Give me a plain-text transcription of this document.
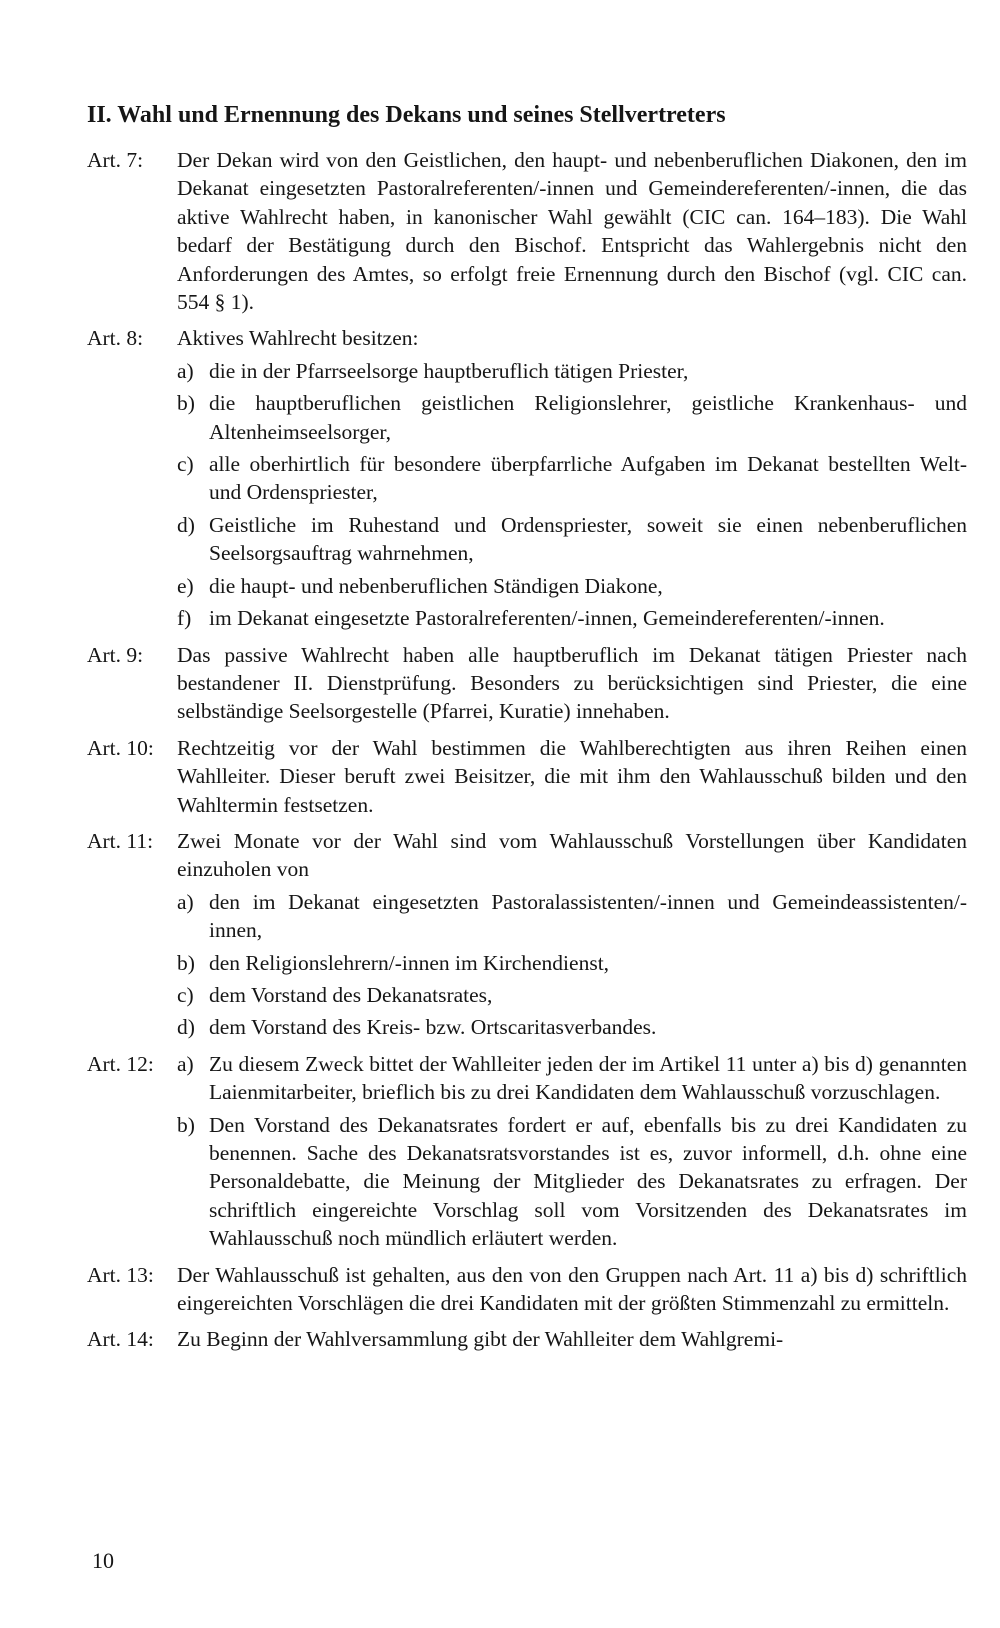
II. Wahl und Ernennung des Dekans und seines Stellvertreters
Art. 7:	Der Dekan wird von den Geistlichen, den haupt- und nebenberuflichen Diakonen, den im Dekanat eingesetzten Pastoralreferenten/-innen und Gemeindereferenten/-innen, die das aktive Wahlrecht haben, in kanonischer Wahl gewählt (CIC can. 164–183). Die Wahl bedarf der Bestätigung durch den Bischof. Entspricht das Wahlergebnis nicht den Anforderungen des Amtes, so erfolgt freie Ernennung durch den Bischof (vgl. CIC can. 554 § 1).

Art. 8:	Aktives Wahlrecht besitzen:

a) die in der Pfarrseelsorge hauptberuflich tätigen Priester,
b) die hauptberuflichen geistlichen Religionslehrer, geistliche Krankenhaus- und Altenheimseelsorger,
c) alle oberhirtlich für besondere überpfarrliche Aufgaben im Dekanat bestellten Welt- und Ordenspriester,
d) Geistliche im Ruhestand und Ordenspriester, soweit sie einen nebenberuflichen Seelsorgsauftrag wahrnehmen,
e) die haupt- und nebenberuflichen Ständigen Diakone,
f) im Dekanat eingesetzte Pastoralreferenten/-innen, Gemeindereferenten/-innen.
Art. 9:	Das passive Wahlrecht haben alle hauptberuflich im Dekanat tätigen Priester nach bestandener II. Dienstprüfung. Besonders zu berücksichtigen sind Priester, die eine selbständige Seelsorgestelle (Pfarrei, Kuratie) innehaben.

Art. 10:	Rechtzeitig vor der Wahl bestimmen die Wahlberechtigten aus ihren Reihen einen Wahlleiter. Dieser beruft zwei Beisitzer, die mit ihm den Wahlausschuß bilden und den Wahltermin festsetzen.

Art. 11:	Zwei Monate vor der Wahl sind vom Wahlausschuß Vorstellungen über Kandidaten einzuholen von

a) den im Dekanat eingesetzten Pastoralassistenten/-innen und Gemeindeassistenten/-innen,
b) den Religionslehrern/-innen im Kirchendienst,
c) dem Vorstand des Dekanatsrates,
d) dem Vorstand des Kreis- bzw. Ortscaritasverbandes.
Art. 12:	a) Zu diesem Zweck bittet der Wahlleiter jeden der im Artikel 11 unter a) bis d) genannten Laienmitarbeiter, brieflich bis zu drei Kandidaten dem Wahlausschuß vorzuschlagen.
b) Den Vorstand des Dekanatsrates fordert er auf, ebenfalls bis zu drei Kandidaten zu benennen. Sache des Dekanatsratsvorstandes ist es, zuvor informell, d.h. ohne eine Personaldebatte, die Meinung der Mitglieder des Dekanatsrates zu erfragen. Der schriftlich eingereichte Vorschlag soll vom Vorsitzenden des Dekanatsrates im Wahlausschuß noch mündlich erläutert werden.
Art. 13:	Der Wahlausschuß ist gehalten, aus den von den Gruppen nach Art. 11 a) bis d) schriftlich eingereichten Vorschlägen die drei Kandidaten mit der größten Stimmenzahl zu ermitteln.

Art. 14:	Zu Beginn der Wahlversammlung gibt der Wahlleiter dem Wahlgremi-

10
